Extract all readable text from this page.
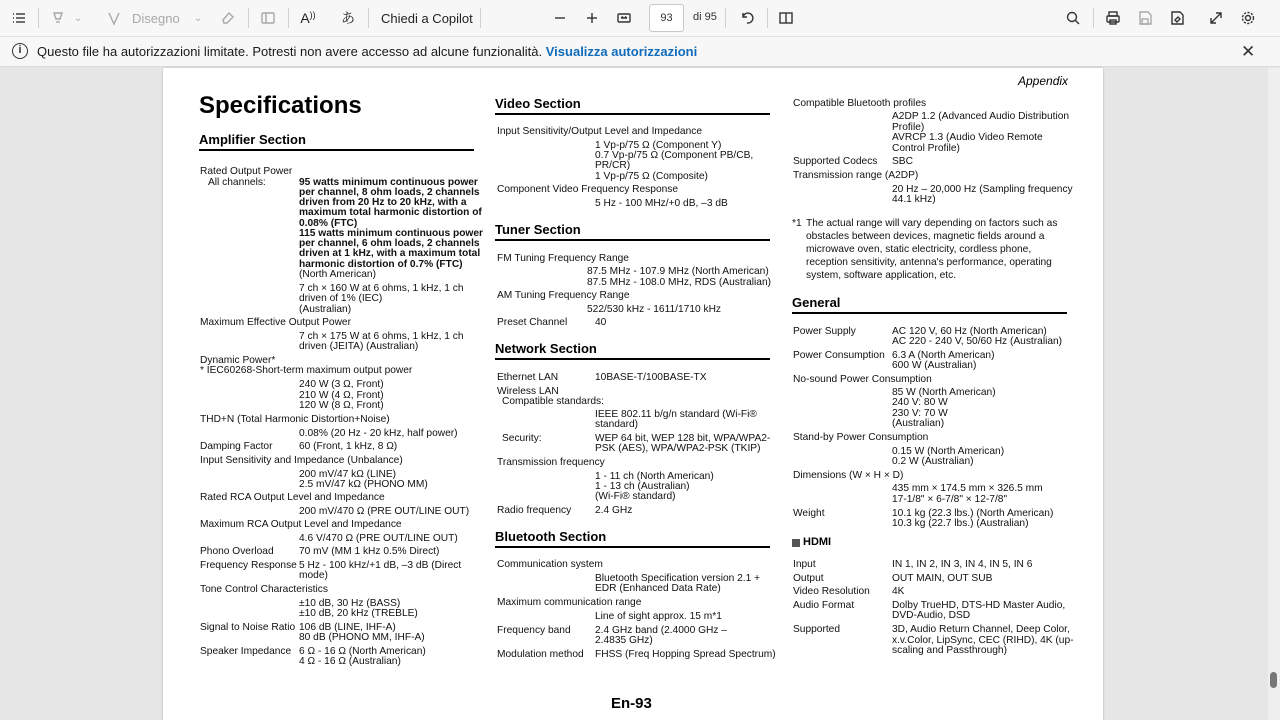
⌄	Disegno ⌄	A )) あ Chiedi a Copilot	93	di 95
i	Questo file ha autorizzazioni limitate. Potresti non avere accesso ad alcune funzionalità. Visualizza autorizzazioni	✕
Appendix
Specifications
Amplifier Section
Video Section
Tuner Section
Network Section
Bluetooth Section
General
HDMI
En-93
Rated Output Power
All channels:	95 watts minimum continuous power
per channel, 8 ohm loads, 2 channels
driven from 20 Hz to 20 kHz, with a
maximum total harmonic distortion of
0.08% (FTC)
115 watts minimum continuous power
per channel, 6 ohm loads, 2 channels
driven at 1 kHz, with a maximum total
harmonic distortion of 0.7% (FTC)
(North American)
7 ch × 160 W at 6 ohms, 1 kHz, 1 ch
driven of 1% (IEC)
(Australian)
Maximum Effective Output Power
7 ch × 175 W at 6 ohms, 1 kHz, 1 ch
driven (JEITA) (Australian)
Dynamic Power*
* IEC60268-Short-term maximum output power
240 W (3 Ω, Front)
210 W (4 Ω, Front)
120 W (8 Ω, Front)
THD+N (Total Harmonic Distortion+Noise)
0.08% (20 Hz - 20 kHz, half power)
Damping Factor	60 (Front, 1 kHz, 8 Ω)
Input Sensitivity and Impedance (Unbalance)
200 mV/47 kΩ (LINE)
2.5 mV/47 kΩ (PHONO MM)
Rated RCA Output Level and Impedance
200 mV/470 Ω (PRE OUT/LINE OUT)
Maximum RCA Output Level and Impedance
4.6 V/470 Ω (PRE OUT/LINE OUT)
Phono Overload 70 mV (MM 1 kHz 0.5% Direct)
Frequency Response 5 Hz - 100 kHz/+1 dB, –3 dB (Direct
mode)
Tone Control Characteristics
±10 dB, 30 Hz (BASS)
±10 dB, 20 kHz (TREBLE)
Signal to Noise Ratio 106 dB (LINE, IHF-A)
80 dB (PHONO MM, IHF-A)
Speaker Impedance 6 Ω - 16 Ω (North American)
4 Ω - 16 Ω (Australian)
Input Sensitivity/Output Level and Impedance
1 Vp-p/75 Ω (Component Y)
0.7 Vp-p/75 Ω (Component PB/CB,
PR/CR)
1 Vp-p/75 Ω (Composite)
Component Video Frequency Response
5 Hz - 100 MHz/+0 dB, –3 dB
FM Tuning Frequency Range
87.5 MHz - 107.9 MHz (North American)
87.5 MHz - 108.0 MHz, RDS (Australian)
AM Tuning Frequency Range
522/530 kHz - 1611/1710 kHz
Preset Channel	40
Ethernet LAN	10BASE-T/100BASE-TX
Wireless LAN
Compatible standards:
IEEE 802.11 b/g/n standard (Wi-Fi®
standard)
Security:	WEP 64 bit, WEP 128 bit, WPA/WPA2-
PSK (AES), WPA/WPA2-PSK (TKIP)
Transmission frequency
1 - 11 ch (North American)
1 - 13 ch (Australian)
(Wi-Fi® standard)
Radio frequency 2.4 GHz
Communication system
Bluetooth Specification version 2.1 +
EDR (Enhanced Data Rate)
Maximum communication range
Line of sight approx. 15 m*1
Frequency band 2.4 GHz band (2.4000 GHz –
2.4835 GHz)
Modulation method FHSS (Freq Hopping Spread Spectrum)
Compatible Bluetooth profiles
A2DP 1.2 (Advanced Audio Distribution
Profile)
AVRCP 1.3 (Audio Video Remote
Control Profile)
Supported Codecs SBC
Transmission range (A2DP)
20 Hz – 20,000 Hz (Sampling frequency
44.1 kHz)
*1 The actual range will vary depending on factors such as
obstacles between devices, magnetic fields around a
microwave oven, static electricity, cordless phone,
reception sensitivity, antenna's performance, operating
system, software application, etc.
Power Supply	AC 120 V, 60 Hz (North American)
AC 220 - 240 V, 50/60 Hz (Australian)
Power Consumption 6.3 A (North American)
600 W (Australian)
No-sound Power Consumption
85 W (North American)
240 V: 80 W
230 V: 70 W
(Australian)
Stand-by Power Consumption
0.15 W (North American)
0.2 W (Australian)
Dimensions (W × H × D)
435 mm × 174.5 mm × 326.5 mm
17-1/8" × 6-7/8" × 12-7/8"
Weight	10.1 kg (22.3 lbs.) (North American)
10.3 kg (22.7 lbs.) (Australian)
Input	IN 1, IN 2, IN 3, IN 4, IN 5, IN 6
Output	OUT MAIN, OUT SUB
Video Resolution 4K
Audio Format	Dolby TrueHD, DTS-HD Master Audio,
DVD-Audio, DSD
Supported	3D, Audio Return Channel, Deep Color,
x.v.Color, LipSync, CEC (RIHD), 4K (up-
scaling and Passthrough)
